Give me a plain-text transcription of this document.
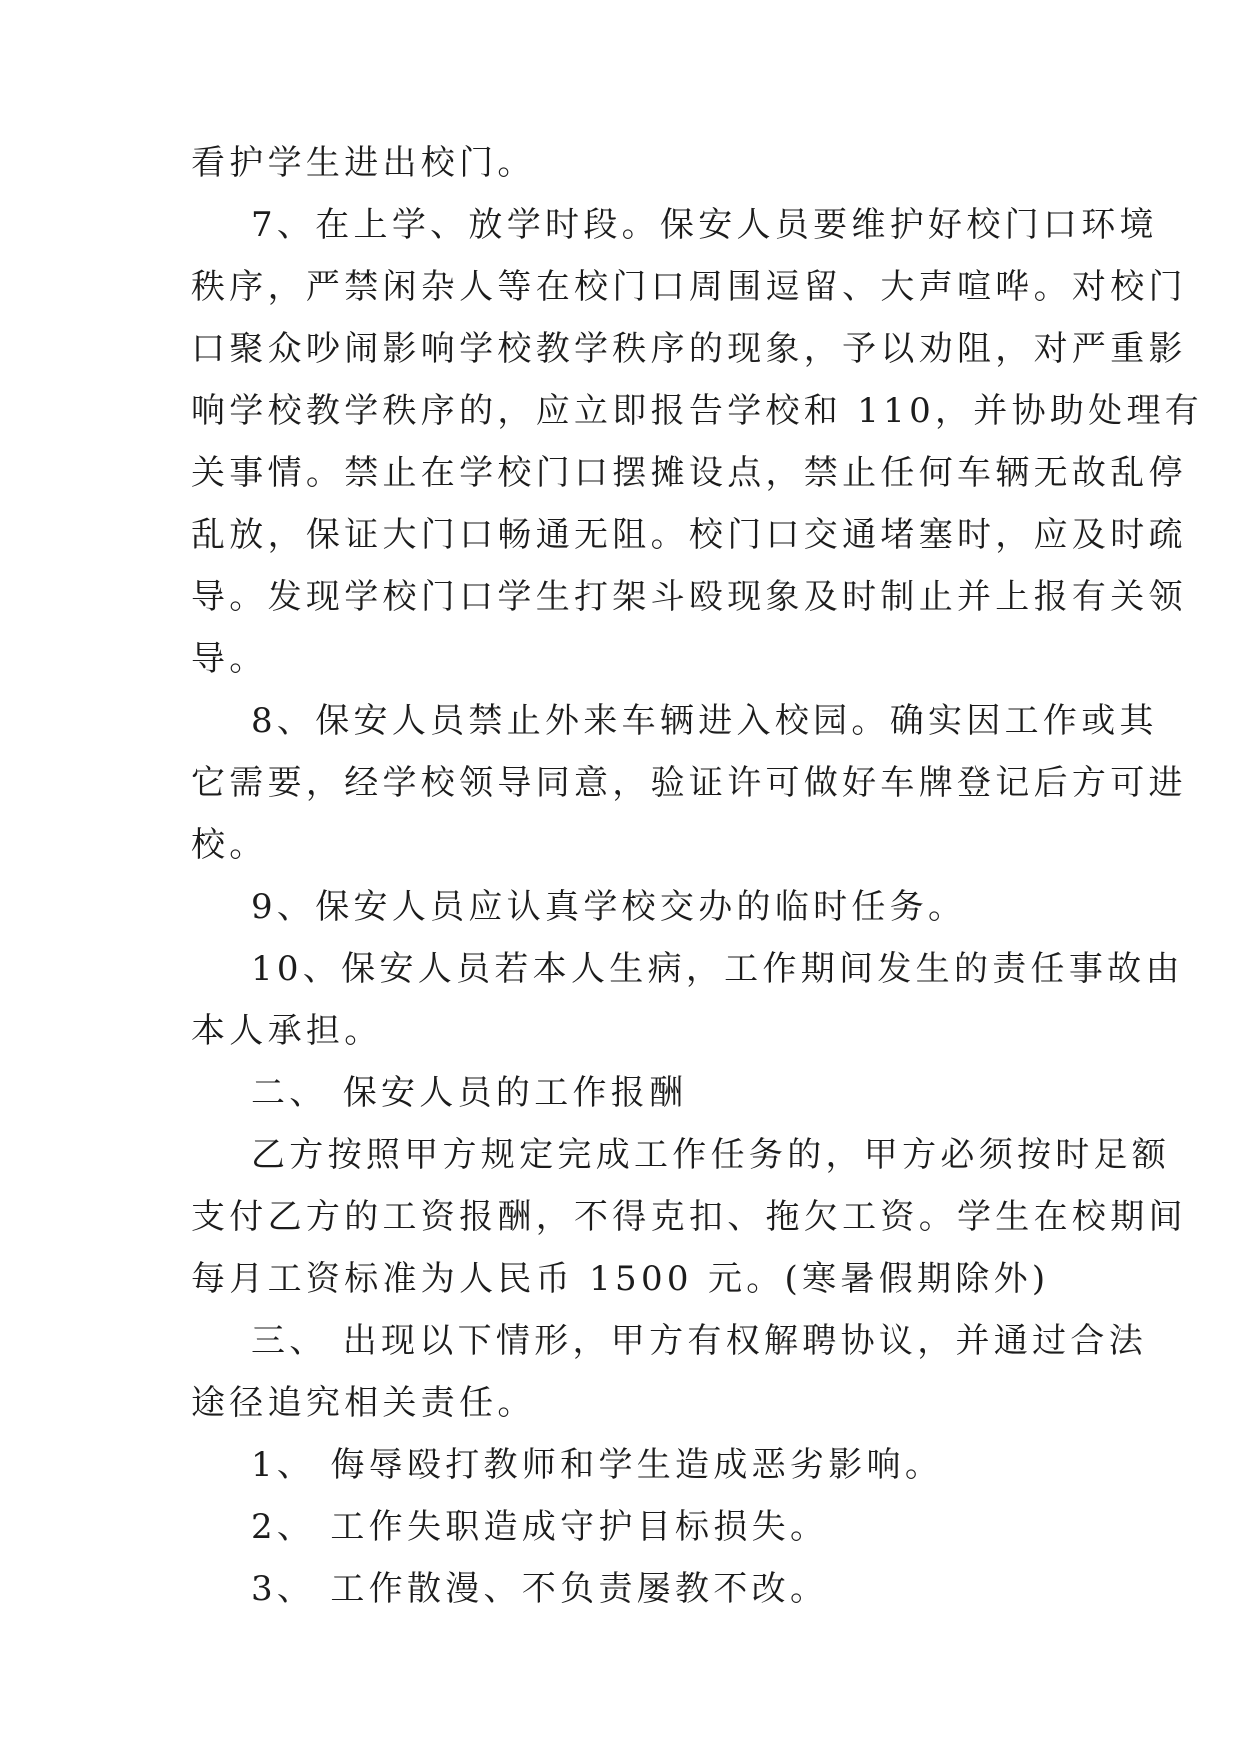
看护学生进出校门。
7、在上学、放学时段。保安人员要维护好校门口环境
秩序，严禁闲杂人等在校门口周围逗留、大声喧哗。对校门
口聚众吵闹影响学校教学秩序的现象，予以劝阻，对严重影
响学校教学秩序的，应立即报告学校和 110，并协助处理有
关事情。禁止在学校门口摆摊设点，禁止任何车辆无故乱停
乱放，保证大门口畅通无阻。校门口交通堵塞时，应及时疏
导。发现学校门口学生打架斗殴现象及时制止并上报有关领
导。
8、保安人员禁止外来车辆进入校园。确实因工作或其
它需要，经学校领导同意，验证许可做好车牌登记后方可进
校。
9、保安人员应认真学校交办的临时任务。
10、保安人员若本人生病，工作期间发生的责任事故由
本人承担。
二、 保安人员的工作报酬
乙方按照甲方规定完成工作任务的，甲方必须按时足额
支付乙方的工资报酬，不得克扣、拖欠工资。学生在校期间
每月工资标准为人民币 1500 元。(寒暑假期除外)
三、 出现以下情形，甲方有权解聘协议，并通过合法
途径追究相关责任。
1、 侮辱殴打教师和学生造成恶劣影响。
2、 工作失职造成守护目标损失。
3、 工作散漫、不负责屡教不改。
